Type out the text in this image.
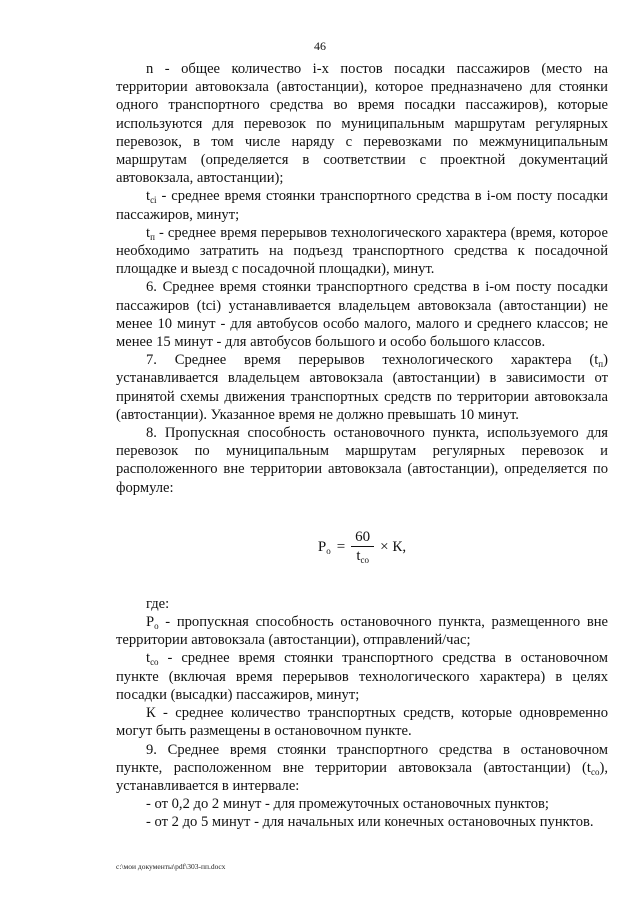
46

n - общее количество i-х постов посадки пассажиров (место на территории автовокзала (автостанции), которое предназначено для стоянки одного транспортного средства во время посадки пассажиров), которые используются для перевозок по муниципальным маршрутам регулярных перевозок, в том числе наряду с перевозками по межмуниципальным маршрутам (определяется в соответствии с проектной документаций автовокзала, автостанции);

$t_{ci}$ - среднее время стоянки транспортного средства в i-ом посту посадки пассажиров, минут;

$t_п$ - среднее время перерывов технологического характера (время, которое необходимо затратить на подъезд транспортного средства к посадочной площадке и выезд с посадочной площадки), минут.

6. Среднее время стоянки транспортного средства в i-ом посту посадки пассажиров (tci) устанавливается владельцем автовокзала (автостанции) не менее 10 минут - для автобусов особо малого, малого и среднего классов; не менее 15 минут - для автобусов большого и особо большого классов.

7. Среднее время перерывов технологического характера $(t_п)$ устанавливается владельцем автовокзала (автостанции) в зависимости от принятой схемы движения транспортных средств по территории автовокзала (автостанции). Указанное время не должно превышать 10 минут.

8. Пропускная способность остановочного пункта, используемого для перевозок по муниципальным маршрутам регулярных перевозок и расположенного вне территории автовокзала (автостанции), определяется по формуле:

$Р_о = \frac{60}{t_{со}} \times К$,

где:

$Р_о$ - пропускная способность остановочного пункта, размещенного вне территории автовокзала (автостанции), отправлений/час;

$t_{со}$ - среднее время стоянки транспортного средства в остановочном пункте (включая время перерывов технологического характера) в целях посадки (высадки) пассажиров, минут;

К - среднее количество транспортных средств, которые одновременно могут быть размещены в остановочном пункте.

9. Среднее время стоянки транспортного средства в остановочном пункте, расположенном вне территории автовокзала (автостанции) $(t_{со})$, устанавливается в интервале:

- от 0,2 до 2 минут - для промежуточных остановочных пунктов;

- от 2 до 5 минут - для начальных или конечных остановочных пунктов.

c:\мои документы\pdf\303-пп.docx
